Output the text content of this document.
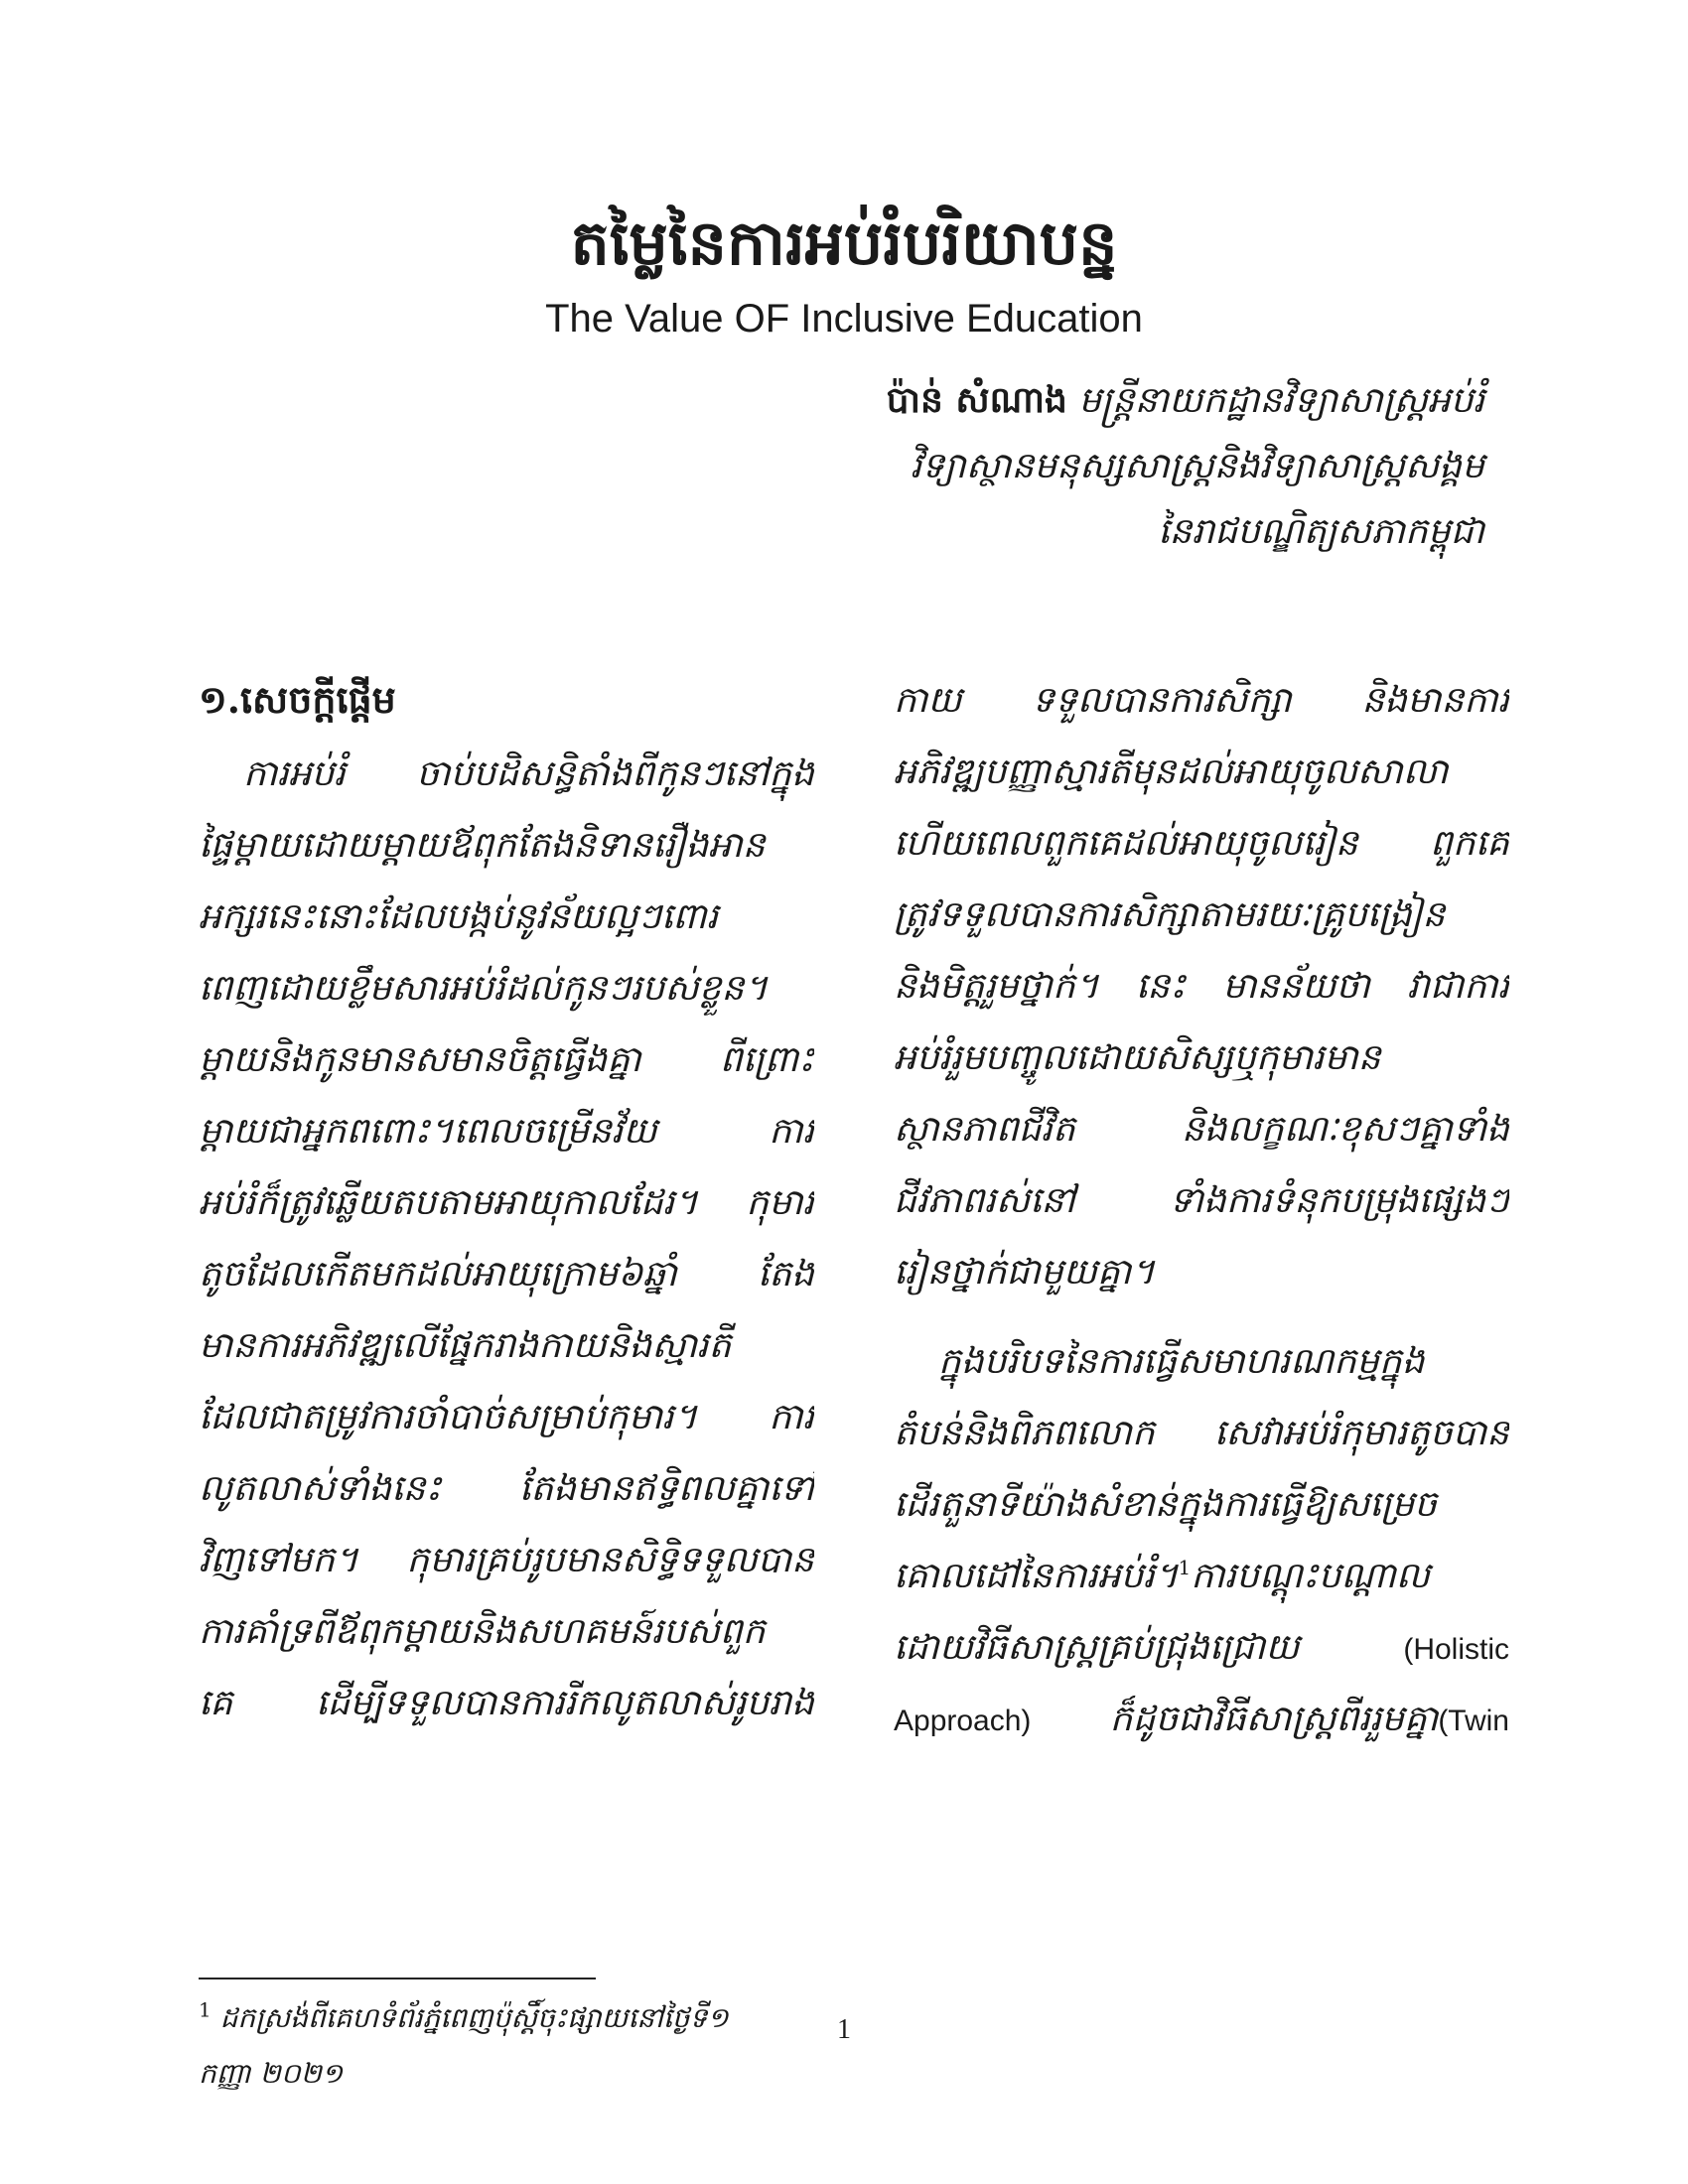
តម្លៃនៃការអប់រំបរិយាបន្ន
The Value OF Inclusive Education
ប៉ាន់ សំណាង មន្ត្រីនាយកដ្ឋានវិទ្យាសាស្ត្រអប់រំ
វិទ្យាស្ថានមនុស្សសាស្ត្រនិងវិទ្យាសាស្ត្រសង្គម
នៃរាជបណ្ឌិត្យសភាកម្ពុជា
១.សេចក្តីផ្តើម
ការអប់រំ ចាប់បដិសន្ធិតាំងពីកូនៗនៅក្នុង
ផ្ទៃម្តាយដោយម្តាយឪពុកតែងនិទានរឿងអាន
អក្សរនេះនោះដែលបង្កប់នូវន័យល្អៗពោរ
ពេញដោយខ្លឹមសារអប់រំដល់កូនៗរបស់ខ្លួន។
ម្តាយនិងកូនមានសមានចិត្តធ្វើងគ្នា ពីព្រោះ
ម្តាយជាអ្នកពពោះ។ពេលចម្រើនវ័យ ការ
អប់រំក៏ត្រូវឆ្លើយតបតាមអាយុកាលដែរ។ កុមារ
តូចដែលកើតមកដល់អាយុក្រោម៦ឆ្នាំ តែង
មានការអភិវឌ្ឍលើផ្នែករាងកាយនិងស្មារតី
ដែលជាតម្រូវការចាំបាច់សម្រាប់កុមារ។ ការ
លូតលាស់ទាំងនេះ តែងមានឥទ្ធិពលគ្នាទៅ
វិញទៅមក។ កុមារគ្រប់រូបមានសិទ្ធិទទួលបាន
ការគាំទ្រពីឪពុកម្តាយនិងសហគមន៍របស់ពួក
គេ ដើម្បីទទួលបានការរីកលូតលាស់រូបរាង
កាយ ទទួលបានការសិក្សា និងមានការ
អភិវឌ្ឍបញ្ញាស្មារតីមុនដល់អាយុចូលសាលា
ហើយពេលពួកគេដល់អាយុចូលរៀន ពួកគេ
ត្រូវទទួលបានការសិក្សាតាមរយៈគ្រូបង្រៀន
និងមិត្តរួមថ្នាក់។ នេះ មានន័យថា វាជាការ
អប់រំរួមបញ្ចូលដោយសិស្សឬកុមារមាន
ស្ថានភាពជីវិត និងលក្ខណៈខុសៗគ្នាទាំង
ជីវភាពរស់នៅ ទាំងការទំនុកបម្រុងផ្សេងៗ
រៀនថ្នាក់ជាមួយគ្នា។
ក្នុងបរិបទនៃការធ្វើសមាហរណកម្មក្នុង
តំបន់និងពិភពលោក សេវាអប់រំកុមារតូចបាន
ដើរតួនាទីយ៉ាងសំខាន់ក្នុងការធ្វើឱ្យសម្រេច
គោលដៅនៃការអប់រំ។$^1$ការបណ្តុះបណ្តាល
ដោយវិធីសាស្ត្រគ្រប់ជ្រុងជ្រោយ	(Holistic
Approach) ក៏ដូចជាវិធីសាស្ត្រពីររួមគ្នា(Twin
$^1$ ដកស្រង់ពីគេហទំព័រភ្នំពេញប៉ុស្តិ៍ចុះផ្សាយនៅថ្ងៃទី១
កញ្ញា ២០២១
1
